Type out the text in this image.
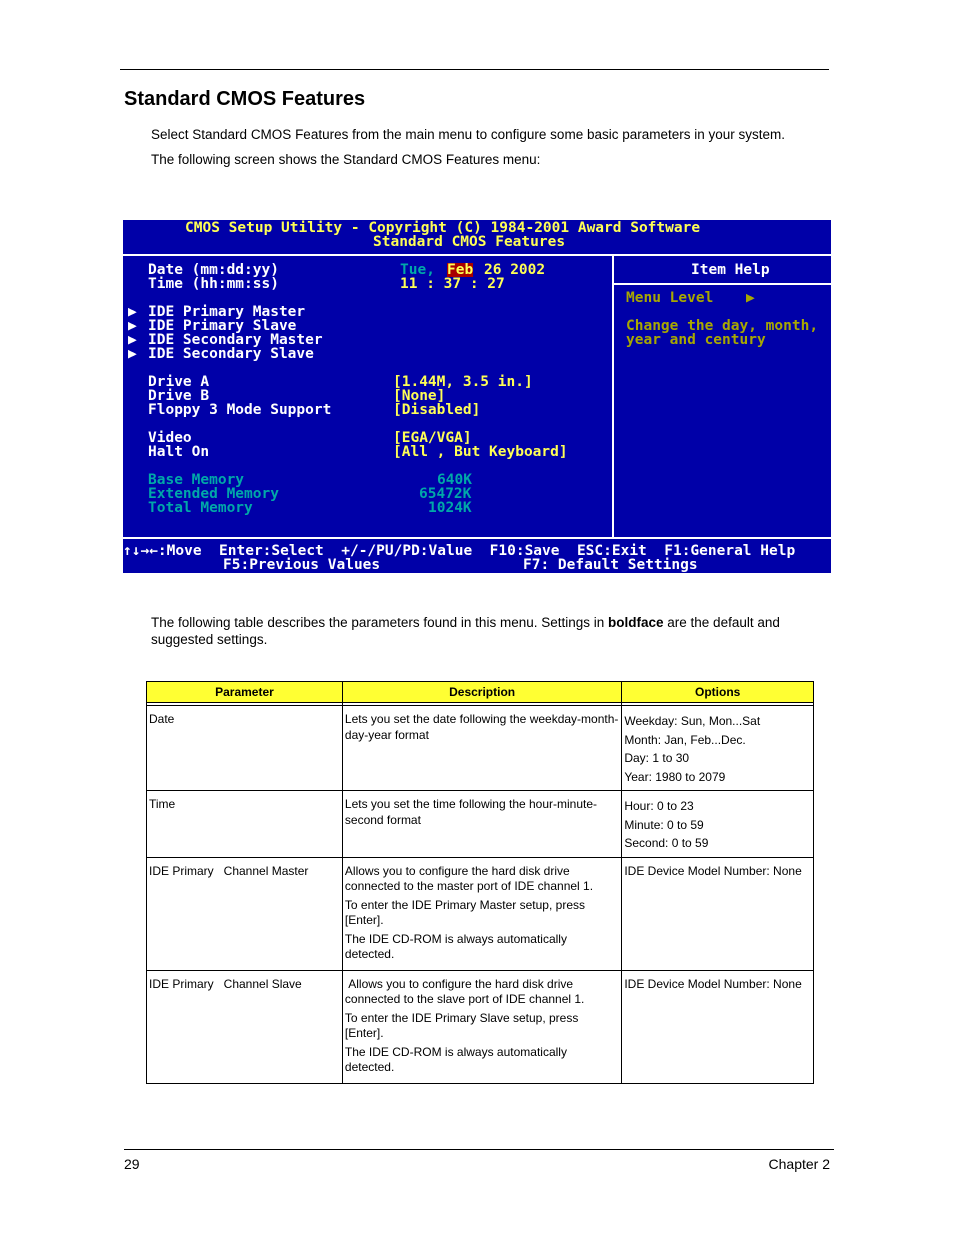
Standard CMOS Features

Select Standard CMOS Features from the main menu to configure some basic parameters in your system.

The following screen shows the Standard CMOS Features menu:

CMOS Setup Utility - Copyright (C) 1984-2001 Award Software
Standard CMOS Features
Date (mm:dd:yy)
Time (hh:mm:ss)
Tue, Feb 26 2002
11 : 37 : 27
▶ IDE Primary Master
▶ IDE Primary Slave
▶ IDE Secondary Master
▶ IDE Secondary Slave
Drive A	[1.44M, 3.5 in.]
Drive B	[None]
Floppy 3 Mode Support	[Disabled]
Video	[EGA/VGA]
Halt On	[All , But Keyboard]
Base Memory	640K
Extended Memory	65472K
Total Memory	1024K
Item Help
Menu Level ▶
Change the day, month,
year and century
↑↓→←:Move  Enter:Select  +/-/PU/PD:Value  F10:Save  ESC:Exit  F1:General Help
F5:Previous Values	F7: Default Settings

The following table describes the parameters found in this menu. Settings in boldface are the default and

suggested settings.

Parameter	Description	Options

Date	Lets you set the date following the weekday-month-day-year format	Weekday: Sun, Mon...Sat
Month: Jan, Feb...Dec.
Day: 1 to 30
Year: 1980 to 2079

Time	Lets you set the time following the hour-minute-second format	Hour: 0 to 23
Minute: 0 to 59
Second: 0 to 59

IDE Primary   Channel Master	Allows you to configure the hard disk drive connected to the master port of IDE channel 1.

To enter the IDE Primary Master setup, press [Enter].

The IDE CD-ROM is always automatically detected.	IDE Device Model Number: None
IDE Primary   Channel Slave	Allows you to configure the hard disk drive connected to the slave port of IDE channel 1.

To enter the IDE Primary Slave setup, press [Enter].

The IDE CD-ROM is always automatically detected.	IDE Device Model Number: None
29	Chapter 2
